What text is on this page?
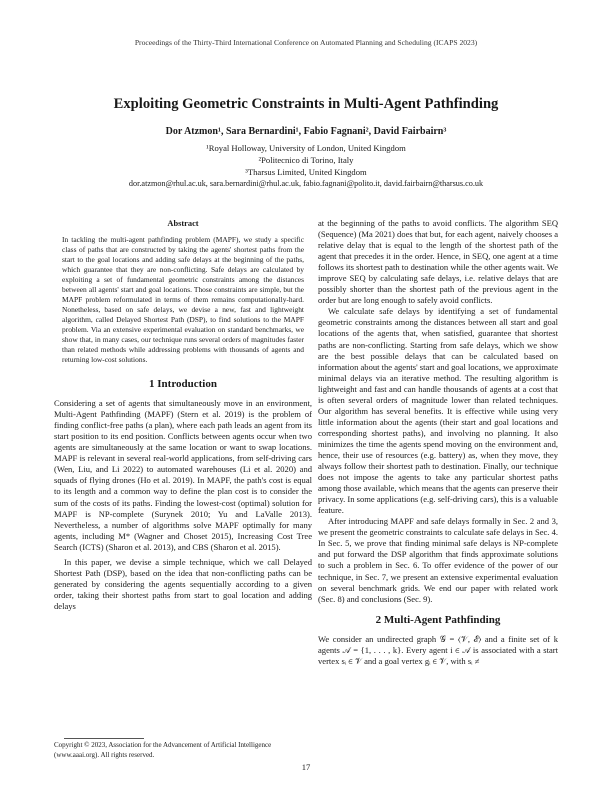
Proceedings of the Thirty-Third International Conference on Automated Planning and Scheduling (ICAPS 2023)
Exploiting Geometric Constraints in Multi-Agent Pathfinding
Dor Atzmon¹, Sara Bernardini¹, Fabio Fagnani², David Fairbairn³
¹Royal Holloway, University of London, United Kingdom
²Politecnico di Torino, Italy
³Tharsus Limited, United Kingdom
dor.atzmon@rhul.ac.uk, sara.bernardini@rhul.ac.uk, fabio.fagnani@polito.it, david.fairbairn@tharsus.co.uk
Abstract

In tackling the multi-agent pathfinding problem (MAPF), we study a specific class of paths that are constructed by taking the agents' shortest paths from the start to the goal locations and adding safe delays at the beginning of the paths, which guarantee that they are non-conflicting. Safe delays are calculated by exploiting a set of fundamental geometric constraints among the distances between all agents' start and goal locations. Those constraints are simple, but the MAPF problem reformulated in terms of them remains computationally-hard. Nonetheless, based on safe delays, we devise a new, fast and lightweight algorithm, called Delayed Shortest Path (DSP), to find solutions to the MAPF problem. Via an extensive experimental evaluation on standard benchmarks, we show that, in many cases, our technique runs several orders of magnitudes faster than related methods while addressing problems with thousands of agents and returning low-cost solutions.

1 Introduction

Considering a set of agents that simultaneously move in an environment, Multi-Agent Pathfinding (MAPF) (Stern et al. 2019) is the problem of finding conflict-free paths (a plan), where each path leads an agent from its start position to its end position. Conflicts between agents occur when two agents are simultaneously at the same location or want to swap locations. MAPF is relevant in several real-world applications, from self-driving cars (Wen, Liu, and Li 2022) to automated warehouses (Li et al. 2020) and squads of flying drones (Ho et al. 2019). In MAPF, the path's cost is equal to its length and a common way to define the plan cost is to consider the sum of the costs of its paths. Finding the lowest-cost (optimal) solution for MAPF is NP-complete (Surynek 2010; Yu and LaValle 2013). Nevertheless, a number of algorithms solve MAPF optimally for many agents, including M* (Wagner and Choset 2015), Increasing Cost Tree Search (ICTS) (Sharon et al. 2013), and CBS (Sharon et al. 2015).

In this paper, we devise a simple technique, which we call Delayed Shortest Path (DSP), based on the idea that non-conflicting paths can be generated by considering the agents sequentially according to a given order, taking their shortest paths from start to goal location and adding delays

Copyright © 2023, Association for the Advancement of Artificial Intelligence (www.aaai.org). All rights reserved.

at the beginning of the paths to avoid conflicts. The algorithm SEQ (Sequence) (Ma 2021) does that but, for each agent, naively chooses a relative delay that is equal to the length of the shortest path of the agent that precedes it in the order. Hence, in SEQ, one agent at a time follows its shortest path to destination while the other agents wait. We improve SEQ by calculating safe delays, i.e. relative delays that are possibly shorter than the shortest path of the previous agent in the order but are long enough to safely avoid conflicts.

We calculate safe delays by identifying a set of fundamental geometric constraints among the distances between all start and goal locations of the agents that, when satisfied, guarantee that shortest paths are non-conflicting. Starting from safe delays, which we show are the best possible delays that can be calculated based on information about the agents' start and goal locations, we approximate minimal delays via an iterative method. The resulting algorithm is lightweight and fast and can handle thousands of agents at a cost that is often several orders of magnitude lower than related techniques. Our algorithm has several benefits. It is effective while using very little information about the agents (their start and goal locations and corresponding shortest paths), and involving no planning. It also minimizes the time the agents spend moving on the environment and, hence, their use of resources (e.g. battery) as, when they move, they always follow their shortest path to destination. Finally, our technique does not impose the agents to take any particular shortest paths among those available, which means that the agents can preserve their privacy. In some applications (e.g. self-driving cars), this is a valuable feature.

After introducing MAPF and safe delays formally in Sec. 2 and 3, we present the geometric constraints to calculate safe delays in Sec. 4. In Sec. 5, we prove that finding minimal safe delays is NP-complete and put forward the DSP algorithm that finds approximate solutions to such a problem in Sec. 6. To offer evidence of the power of our technique, in Sec. 7, we present an extensive experimental evaluation on several benchmark grids. We end our paper with related work (Sec. 8) and conclusions (Sec. 9).

2 Multi-Agent Pathfinding

We consider an undirected graph 𝒢 = ⟨𝒱, ℰ⟩ and a finite set of k agents 𝒜 = {1, . . . , k}. Every agent i ∈ 𝒜 is associated with a start vertex sᵢ ∈ 𝒱 and a goal vertex gᵢ ∈ 𝒱, with sᵢ ≠

17
